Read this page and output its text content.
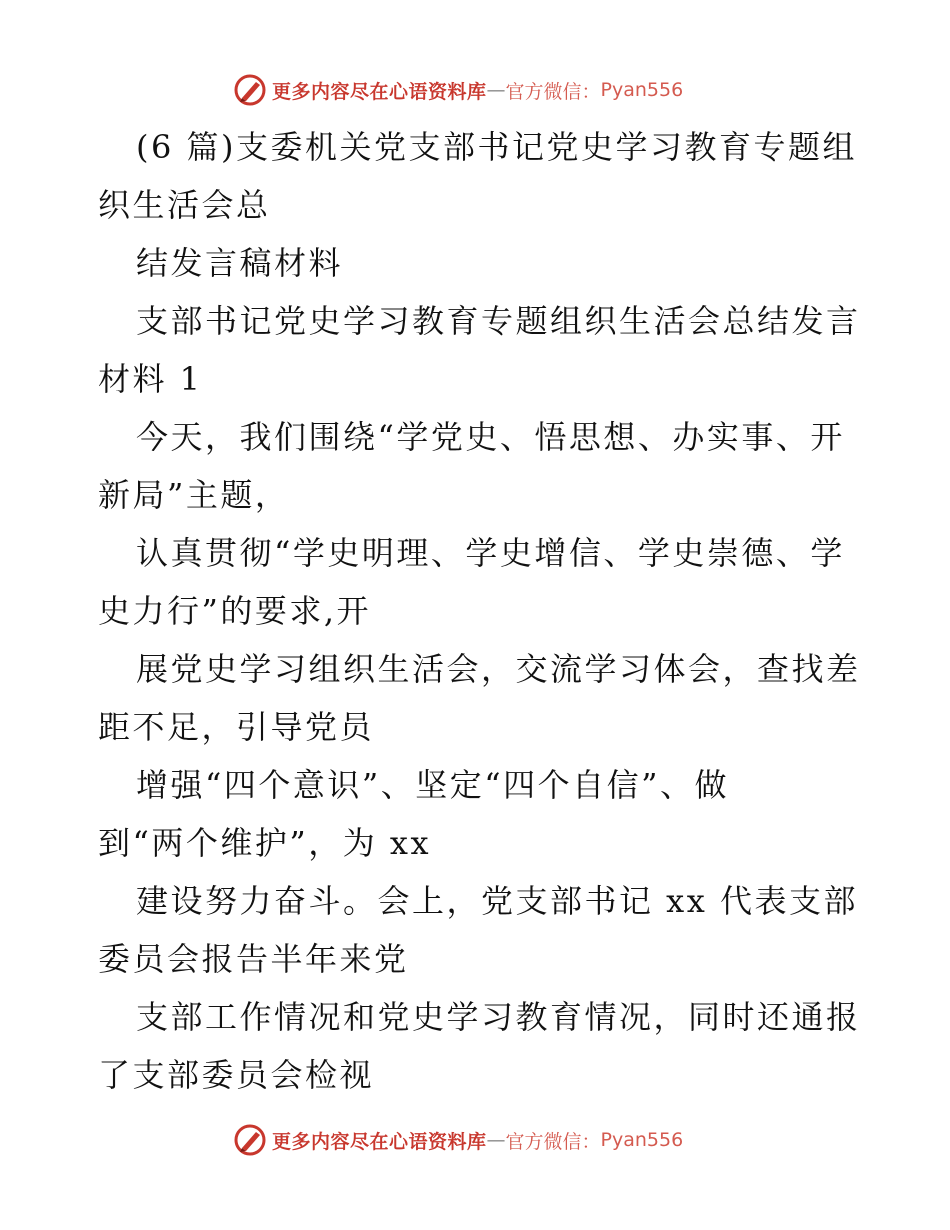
更多内容尽在心语资料库 — 官方微信： Pyan556
(6 篇)支委机关党支部书记党史学习教育专题组
织生活会总
结发言稿材料
支部书记党史学习教育专题组织生活会总结发言
材料 1
今天，我们围绕“学党史、悟思想、办实事、开
新局”主题，
认真贯彻“学史明理、学史增信、学史崇德、学
史力行”的要求,开
展党史学习组织生活会，交流学习体会，查找差
距不足，引导党员
增强“四个意识”、坚定“四个自信”、做
到“两个维护”，为 xx
建设努力奋斗。会上，党支部书记 xx 代表支部
委员会报告半年来党
支部工作情况和党史学习教育情况，同时还通报
了支部委员会检视
更多内容尽在心语资料库 — 官方微信： Pyan556
